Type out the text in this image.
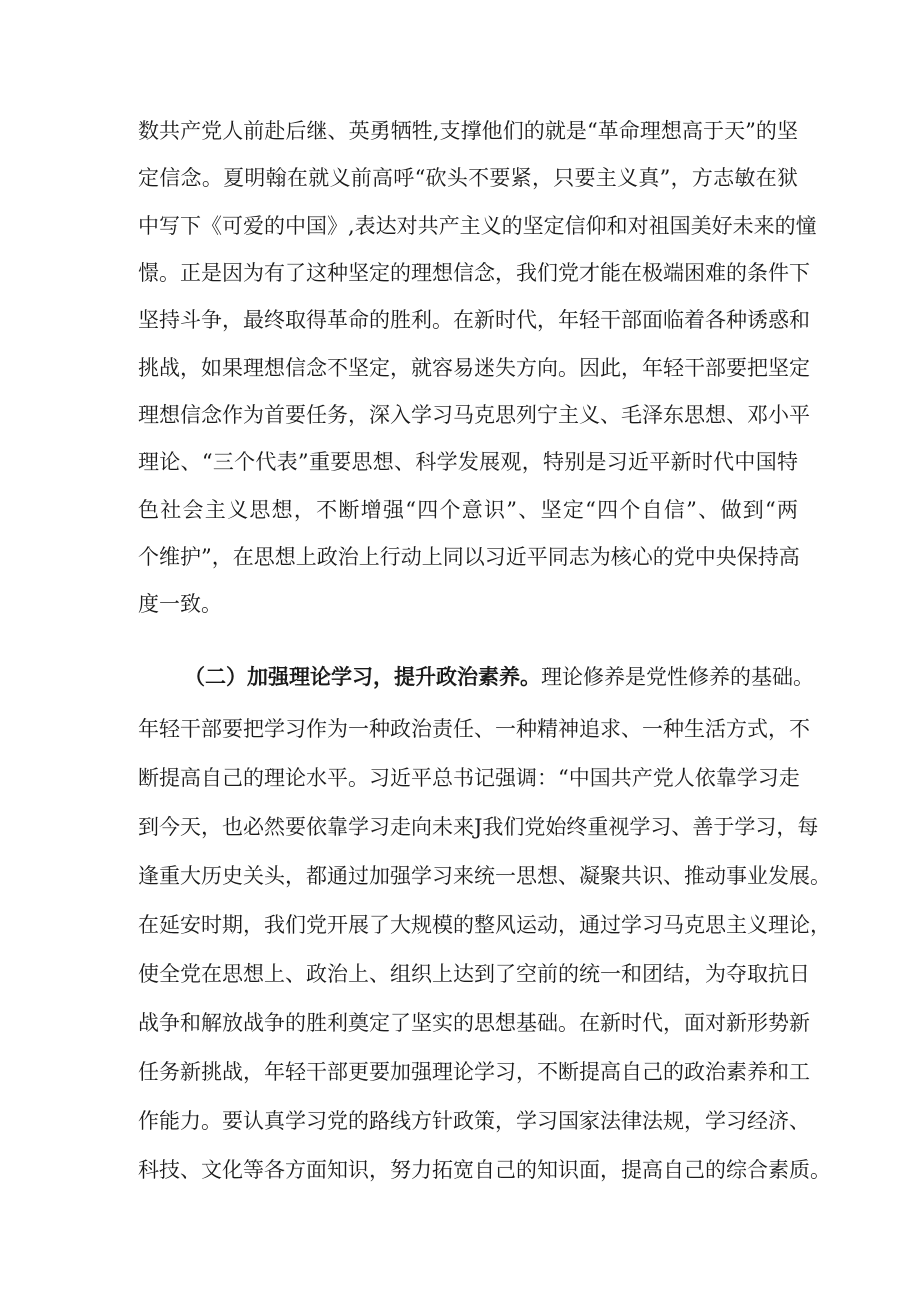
数共产党人前赴后继、英勇牺牲,支撑他们的就是“革命理想高于天”的坚
定信念。夏明翰在就义前高呼“砍头不要紧，只要主义真”，方志敏在狱
中写下《可爱的中国》,表达对共产主义的坚定信仰和对祖国美好未来的憧
憬。正是因为有了这种坚定的理想信念，我们党才能在极端困难的条件下
坚持斗争，最终取得革命的胜利。在新时代，年轻干部面临着各种诱惑和
挑战，如果理想信念不坚定，就容易迷失方向。因此，年轻干部要把坚定
理想信念作为首要任务，深入学习马克思列宁主义、毛泽东思想、邓小平
理论、“三个代表”重要思想、科学发展观，特别是习近平新时代中国特
色社会主义思想，不断增强“四个意识”、坚定“四个自信”、做到“两
个维护”，在思想上政治上行动上同以习近平同志为核心的党中央保持高
度一致。
（二）加强理论学习，提升政治素养。理论修养是党性修养的基础。
年轻干部要把学习作为一种政治责任、一种精神追求、一种生活方式，不
断提高自己的理论水平。习近平总书记强调：“中国共产党人依靠学习走
到今天，也必然要依靠学习走向未来J我们党始终重视学习、善于学习，每
逢重大历史关头，都通过加强学习来统一思想、凝聚共识、推动事业发展。
在延安时期，我们党开展了大规模的整风运动，通过学习马克思主义理论，
使全党在思想上、政治上、组织上达到了空前的统一和团结，为夺取抗日
战争和解放战争的胜利奠定了坚实的思想基础。在新时代，面对新形势新
任务新挑战，年轻干部更要加强理论学习，不断提高自己的政治素养和工
作能力。要认真学习党的路线方针政策，学习国家法律法规，学习经济、
科技、文化等各方面知识，努力拓宽自己的知识面，提高自己的综合素质。
